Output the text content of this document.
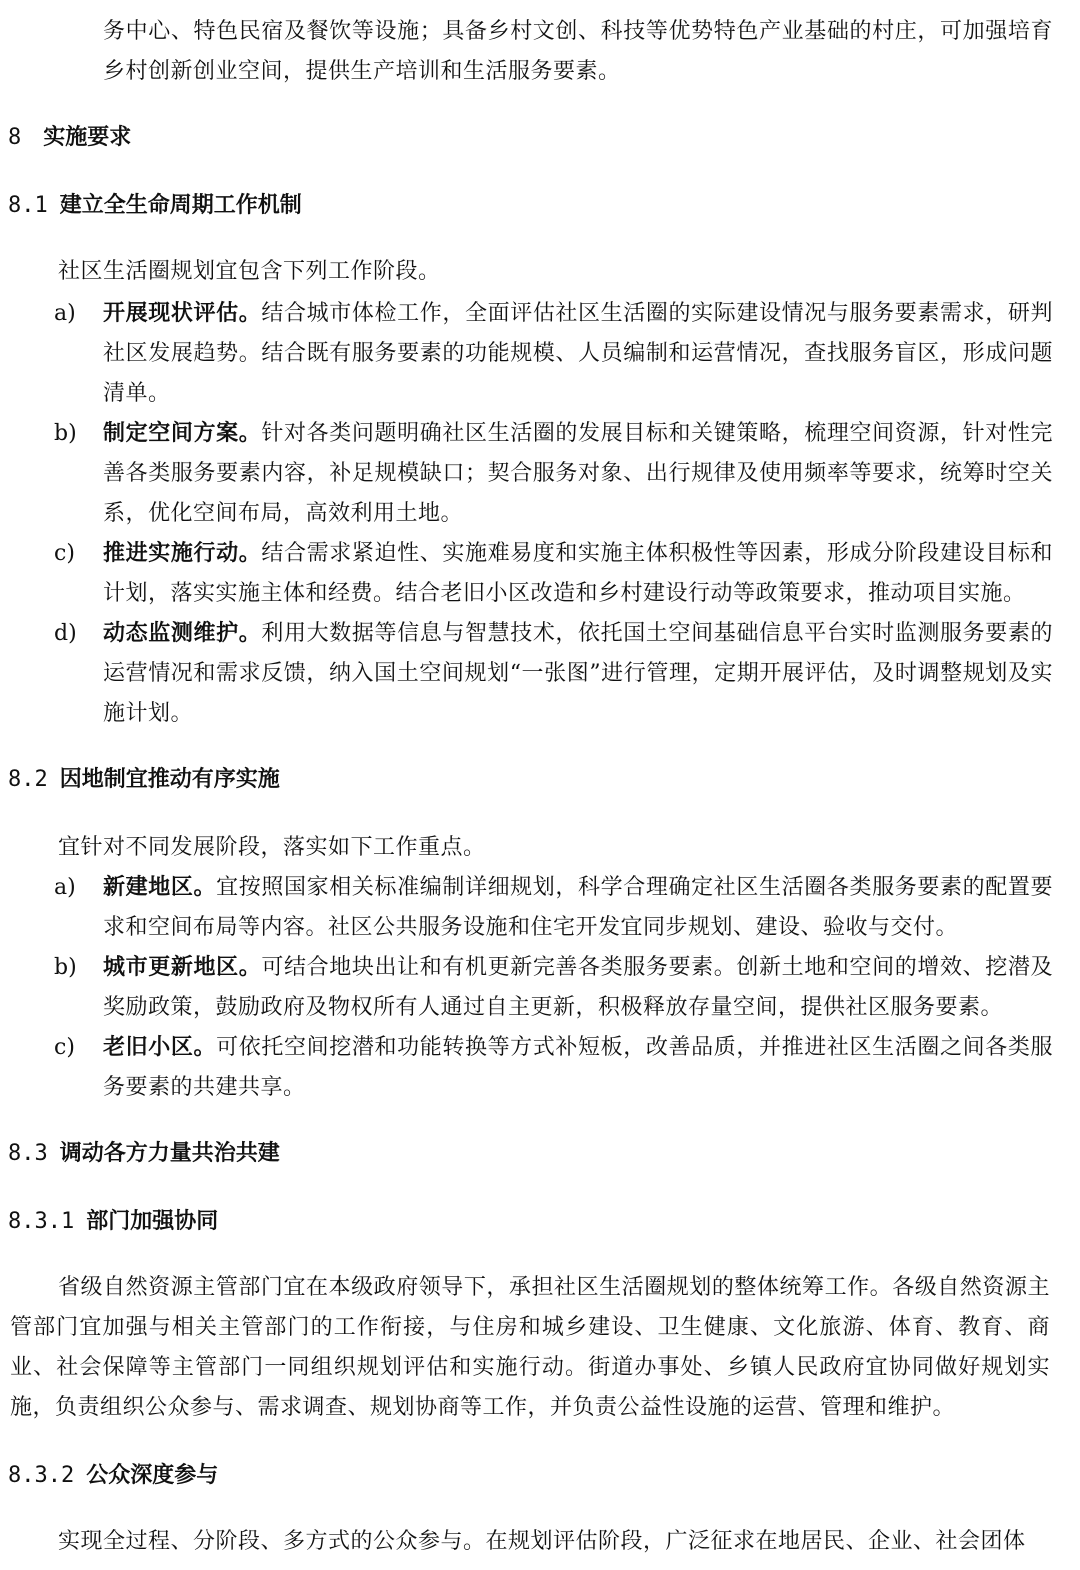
务中心、特色民宿及餐饮等设施；具备乡村文创、科技等优势特色产业基础的村庄，可加强培育乡村创新创业空间，提供生产培训和生活服务要素。
8 实施要求
8.1 建立全生命周期工作机制
社区生活圈规划宜包含下列工作阶段。
a) 开展现状评估。结合城市体检工作，全面评估社区生活圈的实际建设情况与服务要素需求，研判社区发展趋势。结合既有服务要素的功能规模、人员编制和运营情况，查找服务盲区，形成问题清单。
b) 制定空间方案。针对各类问题明确社区生活圈的发展目标和关键策略，梳理空间资源，针对性完善各类服务要素内容，补足规模缺口；契合服务对象、出行规律及使用频率等要求，统筹时空关系，优化空间布局，高效利用土地。
c) 推进实施行动。结合需求紧迫性、实施难易度和实施主体积极性等因素，形成分阶段建设目标和计划，落实实施主体和经费。结合老旧小区改造和乡村建设行动等政策要求，推动项目实施。
d) 动态监测维护。利用大数据等信息与智慧技术，依托国土空间基础信息平台实时监测服务要素的运营情况和需求反馈，纳入国土空间规划“一张图”进行管理，定期开展评估，及时调整规划及实施计划。
8.2 因地制宜推动有序实施
宜针对不同发展阶段，落实如下工作重点。
a) 新建地区。宜按照国家相关标准编制详细规划，科学合理确定社区生活圈各类服务要素的配置要求和空间布局等内容。社区公共服务设施和住宅开发宜同步规划、建设、验收与交付。
b) 城市更新地区。可结合地块出让和有机更新完善各类服务要素。创新土地和空间的增效、挖潜及奖励政策，鼓励政府及物权所有人通过自主更新，积极释放存量空间，提供社区服务要素。
c) 老旧小区。可依托空间挖潜和功能转换等方式补短板，改善品质，并推进社区生活圈之间各类服务要素的共建共享。
8.3 调动各方力量共治共建
8.3.1 部门加强协同
省级自然资源主管部门宜在本级政府领导下，承担社区生活圈规划的整体统筹工作。各级自然资源主管部门宜加强与相关主管部门的工作衔接，与住房和城乡建设、卫生健康、文化旅游、体育、教育、商业、社会保障等主管部门一同组织规划评估和实施行动。街道办事处、乡镇人民政府宜协同做好规划实施，负责组织公众参与、需求调查、规划协商等工作，并负责公益性设施的运营、管理和维护。
8.3.2 公众深度参与
实现全过程、分阶段、多方式的公众参与。在规划评估阶段，广泛征求在地居民、企业、社会团体
